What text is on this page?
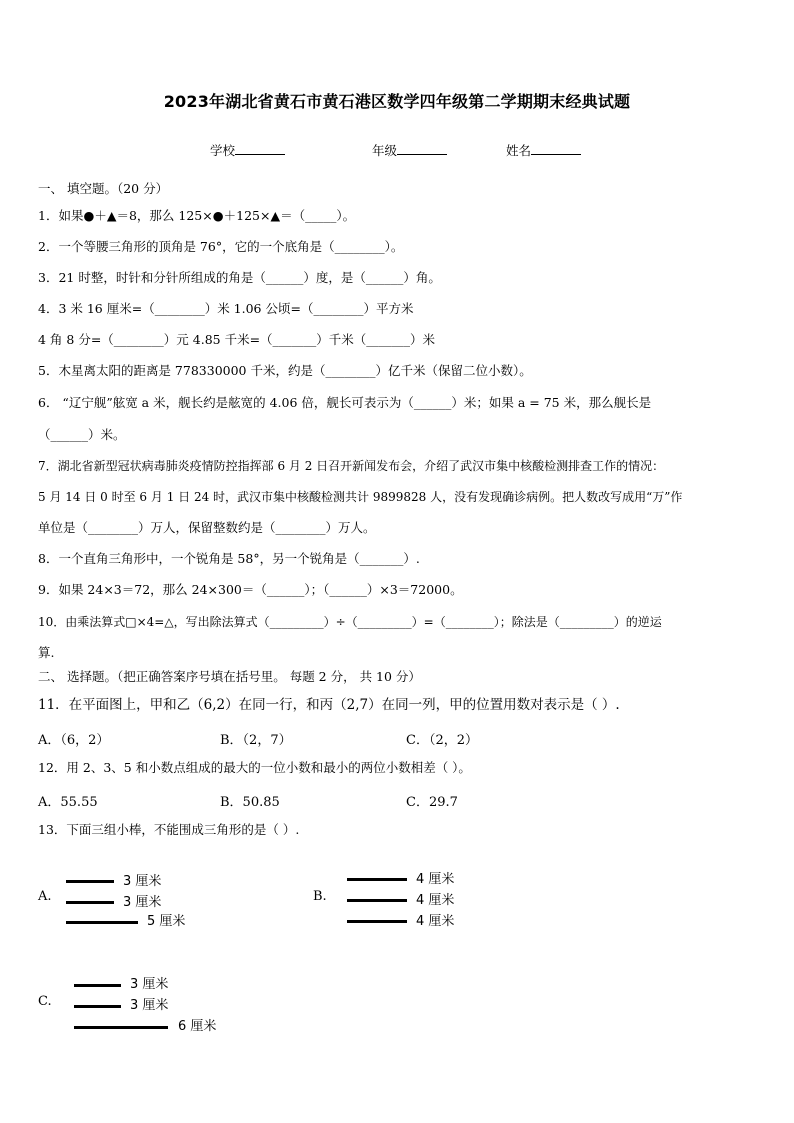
2023年湖北省黄石市黄石港区数学四年级第二学期期末经典试题
学校	年级	姓名
一、 填空题。（20 分）
1．如果●＋▲＝8，那么 125×●＋125×▲＝（_____）。
2．一个等腰三角形的顶角是 76°，它的一个底角是（________）。
3．21 时整，时针和分针所组成的角是（______）度，是（______）角。
4．3 米 16 厘米=（________）米 1.06 公顷=（________）平方米
4 角 8 分=（________）元 4.85 千米=（_______）千米（_______）米
5．木星离太阳的距离是 778330000 千米，约是（________）亿千米（保留二位小数）。
6． “辽宁舰”舷宽 a 米，舰长约是舷宽的 4.06 倍，舰长可表示为（______）米；如果 a = 75 米，那么舰长是
（______）米。
7．湖北省新型冠状病毒肺炎疫情防控指挥部 6 月 2 日召开新闻发布会，介绍了武汉市集中核酸检测排查工作的情况：
5 月 14 日 0 时至 6 月 1 日 24 时，武汉市集中核酸检测共计 9899828 人，没有发现确诊病例。把人数改写成用“万”作
单位是（________）万人，保留整数约是（________）万人。
8．一个直角三角形中，一个锐角是 58°，另一个锐角是（_______）.
9．如果 24×3＝72，那么 24×300＝（______）；（______）×3＝72000。
10．由乘法算式□×4=△，写出除法算式（_________）÷（_________）=（________）；除法是（_________）的逆运
算.
二、 选择题。（把正确答案序号填在括号里。 每题 2 分， 共 10 分）
11．在平面图上，甲和乙（6,2）在同一行，和丙（2,7）在同一列，甲的位置用数对表示是（ ）.
A．（6，2）	B．（2，7）	C．（2，2）
12．用 2、3、5 和小数点组成的最大的一位小数和最小的两位小数相差（ ）。
A．55.55	B．50.85	C．29.7
13．下面三组小棒，不能围成三角形的是（ ）.
A.
3 厘米
3 厘米
5 厘米
B.
4 厘米
4 厘米
4 厘米
C.
3 厘米
3 厘米
6 厘米
